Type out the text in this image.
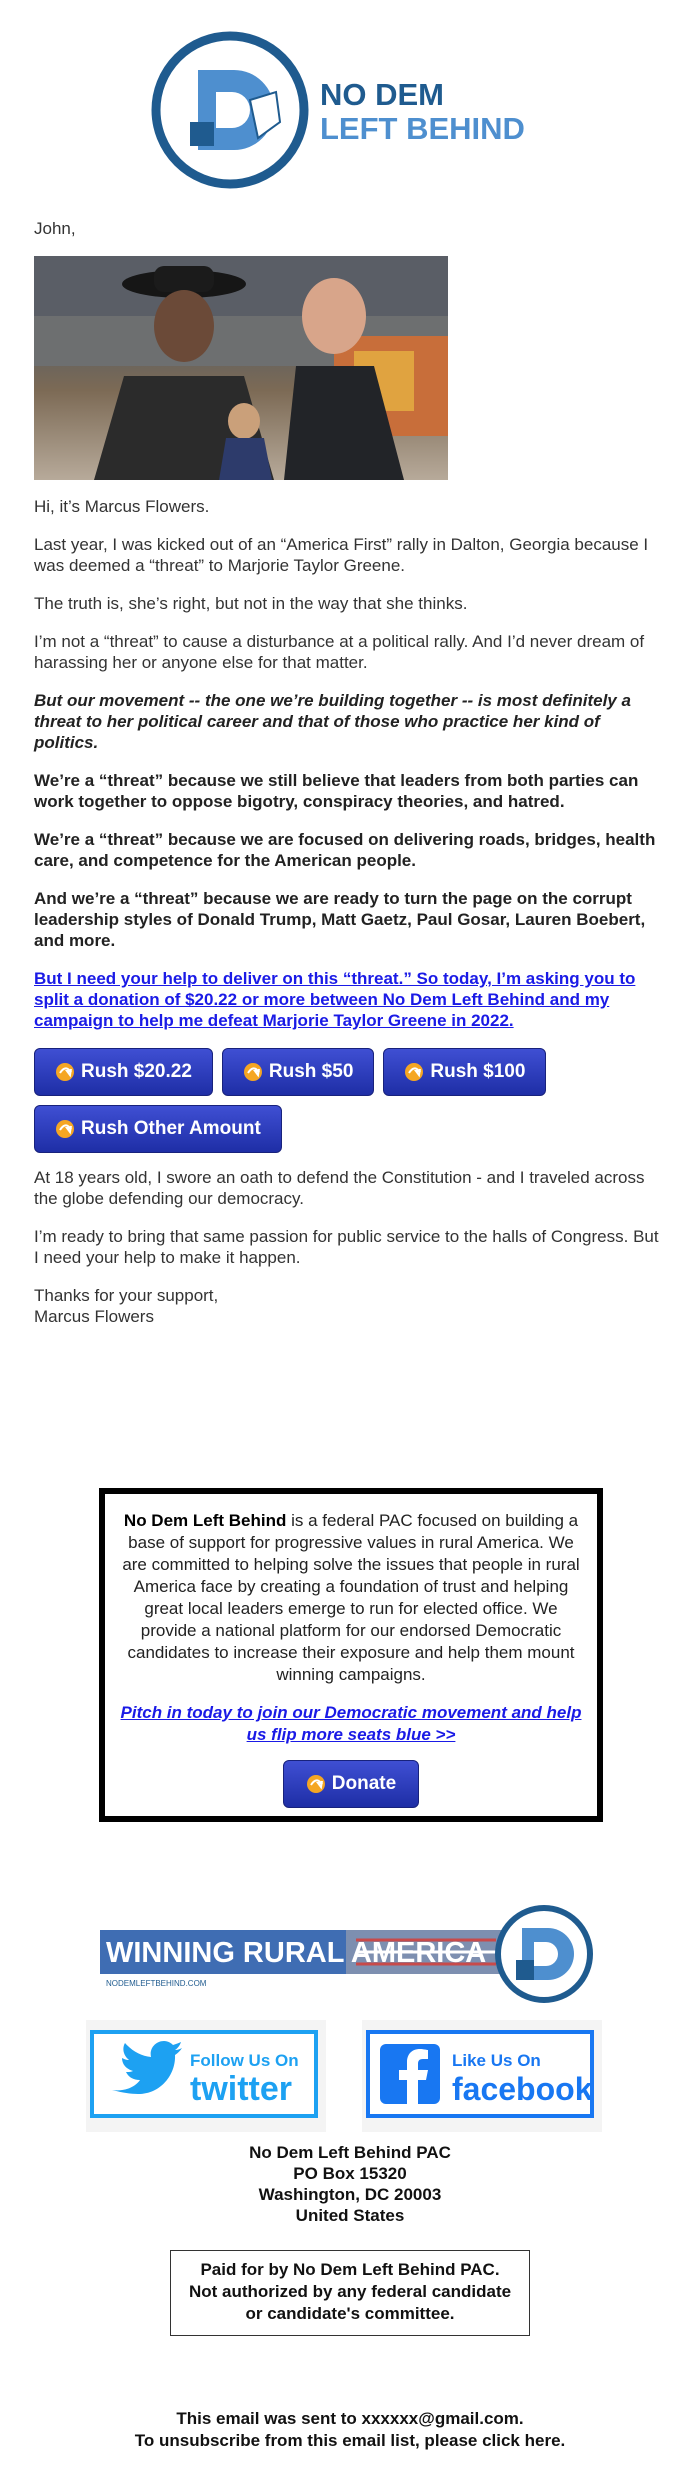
NO DEM
LEFT BEHIND

John,

Hi, it’s Marcus Flowers.

Last year, I was kicked out of an “America First” rally in Dalton, Georgia because I was deemed a “threat” to Marjorie Taylor Greene.

The truth is, she’s right, but not in the way that she thinks.

I’m not a “threat” to cause a disturbance at a political rally. And I’d never dream of harassing her or anyone else for that matter.

But our movement -- the one we’re building together -- is most definitely a threat to her political career and that of those who practice her kind of politics.

We’re a “threat” because we still believe that leaders from both parties can work together to oppose bigotry, conspiracy theories, and hatred.

We’re a “threat” because we are focused on delivering roads, bridges, health care, and competence for the American people.

And we’re a “threat” because we are ready to turn the page on the corrupt leadership styles of Donald Trump, Matt Gaetz, Paul Gosar, Lauren Boebert, and more.

But I need your help to deliver on this “threat.” So today, I’m asking you to split a donation of $20.22 or more between No Dem Left Behind and my campaign to help me defeat Marjorie Taylor Greene in 2022.

Rush $20.22	Rush $50	Rush $100
Rush Other Amount

At 18 years old, I swore an oath to defend the Constitution - and I traveled across the globe defending our democracy.

I’m ready to bring that same passion for public service to the halls of Congress. But I need your help to make it happen.

Thanks for your support,
Marcus Flowers

No Dem Left Behind is a federal PAC focused on building a base of support for progressive values in rural America. We are committed to helping solve the issues that people in rural America face by creating a foundation of trust and helping great local leaders emerge to run for elected office. We provide a national platform for our endorsed Democratic candidates to increase their exposure and help them mount winning campaigns.

Pitch in today to join our Democratic movement and help us flip more seats blue >>

Donate
WINNING RURAL AMERICA
NODEMLEFTBEHIND.COM
Follow Us On
twitter
Like Us On
facebook
No Dem Left Behind PAC
PO Box 15320
Washington, DC 20003
United States
Paid for by No Dem Left Behind PAC.
Not authorized by any federal candidate
or candidate's committee.
This email was sent to xxxxxx@gmail.com.
To unsubscribe from this email list, please click here.
